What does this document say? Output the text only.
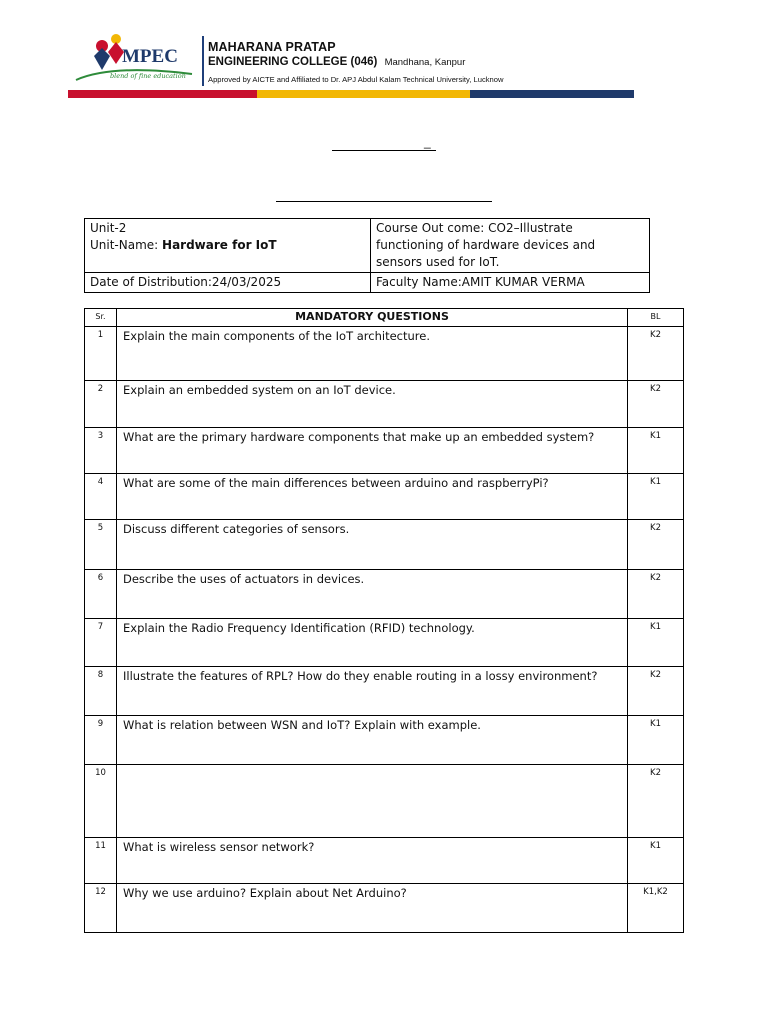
MPEC
blend of fine education
MAHARANA PRATAP
ENGINEERING COLLEGE (046) Mandhana, Kanpur
Approved by AICTE and Affiliated to Dr. APJ Abdul Kalam Technical University, Lucknow
_
Unit-2
Unit-Name: Hardware for IoT	Course Out come: CO2–Illustrate functioning of hardware devices and sensors used for IoT.
Date of Distribution:24/03/2025	Faculty Name:AMIT KUMAR VERMA
Sr.	MANDATORY QUESTIONS	BL
1	Explain the main components of the IoT architecture.	K2
2	Explain an embedded system on an IoT device.	K2
3	What are the primary hardware components that make up an embedded system?	K1
4	What are some of the main differences between arduino and raspberryPi?	K1
5	Discuss different categories of sensors.	K2
6	Describe the uses of actuators in devices.	K2
7	Explain the Radio Frequency Identification (RFID) technology.	K1
8	Illustrate the features of RPL? How do they enable routing in a lossy environment?	K2
9	What is relation between WSN and IoT? Explain with example.	K1
10		K2
11	What is wireless sensor network?	K1
12	Why we use arduino? Explain about Net Arduino?	K1,K2
